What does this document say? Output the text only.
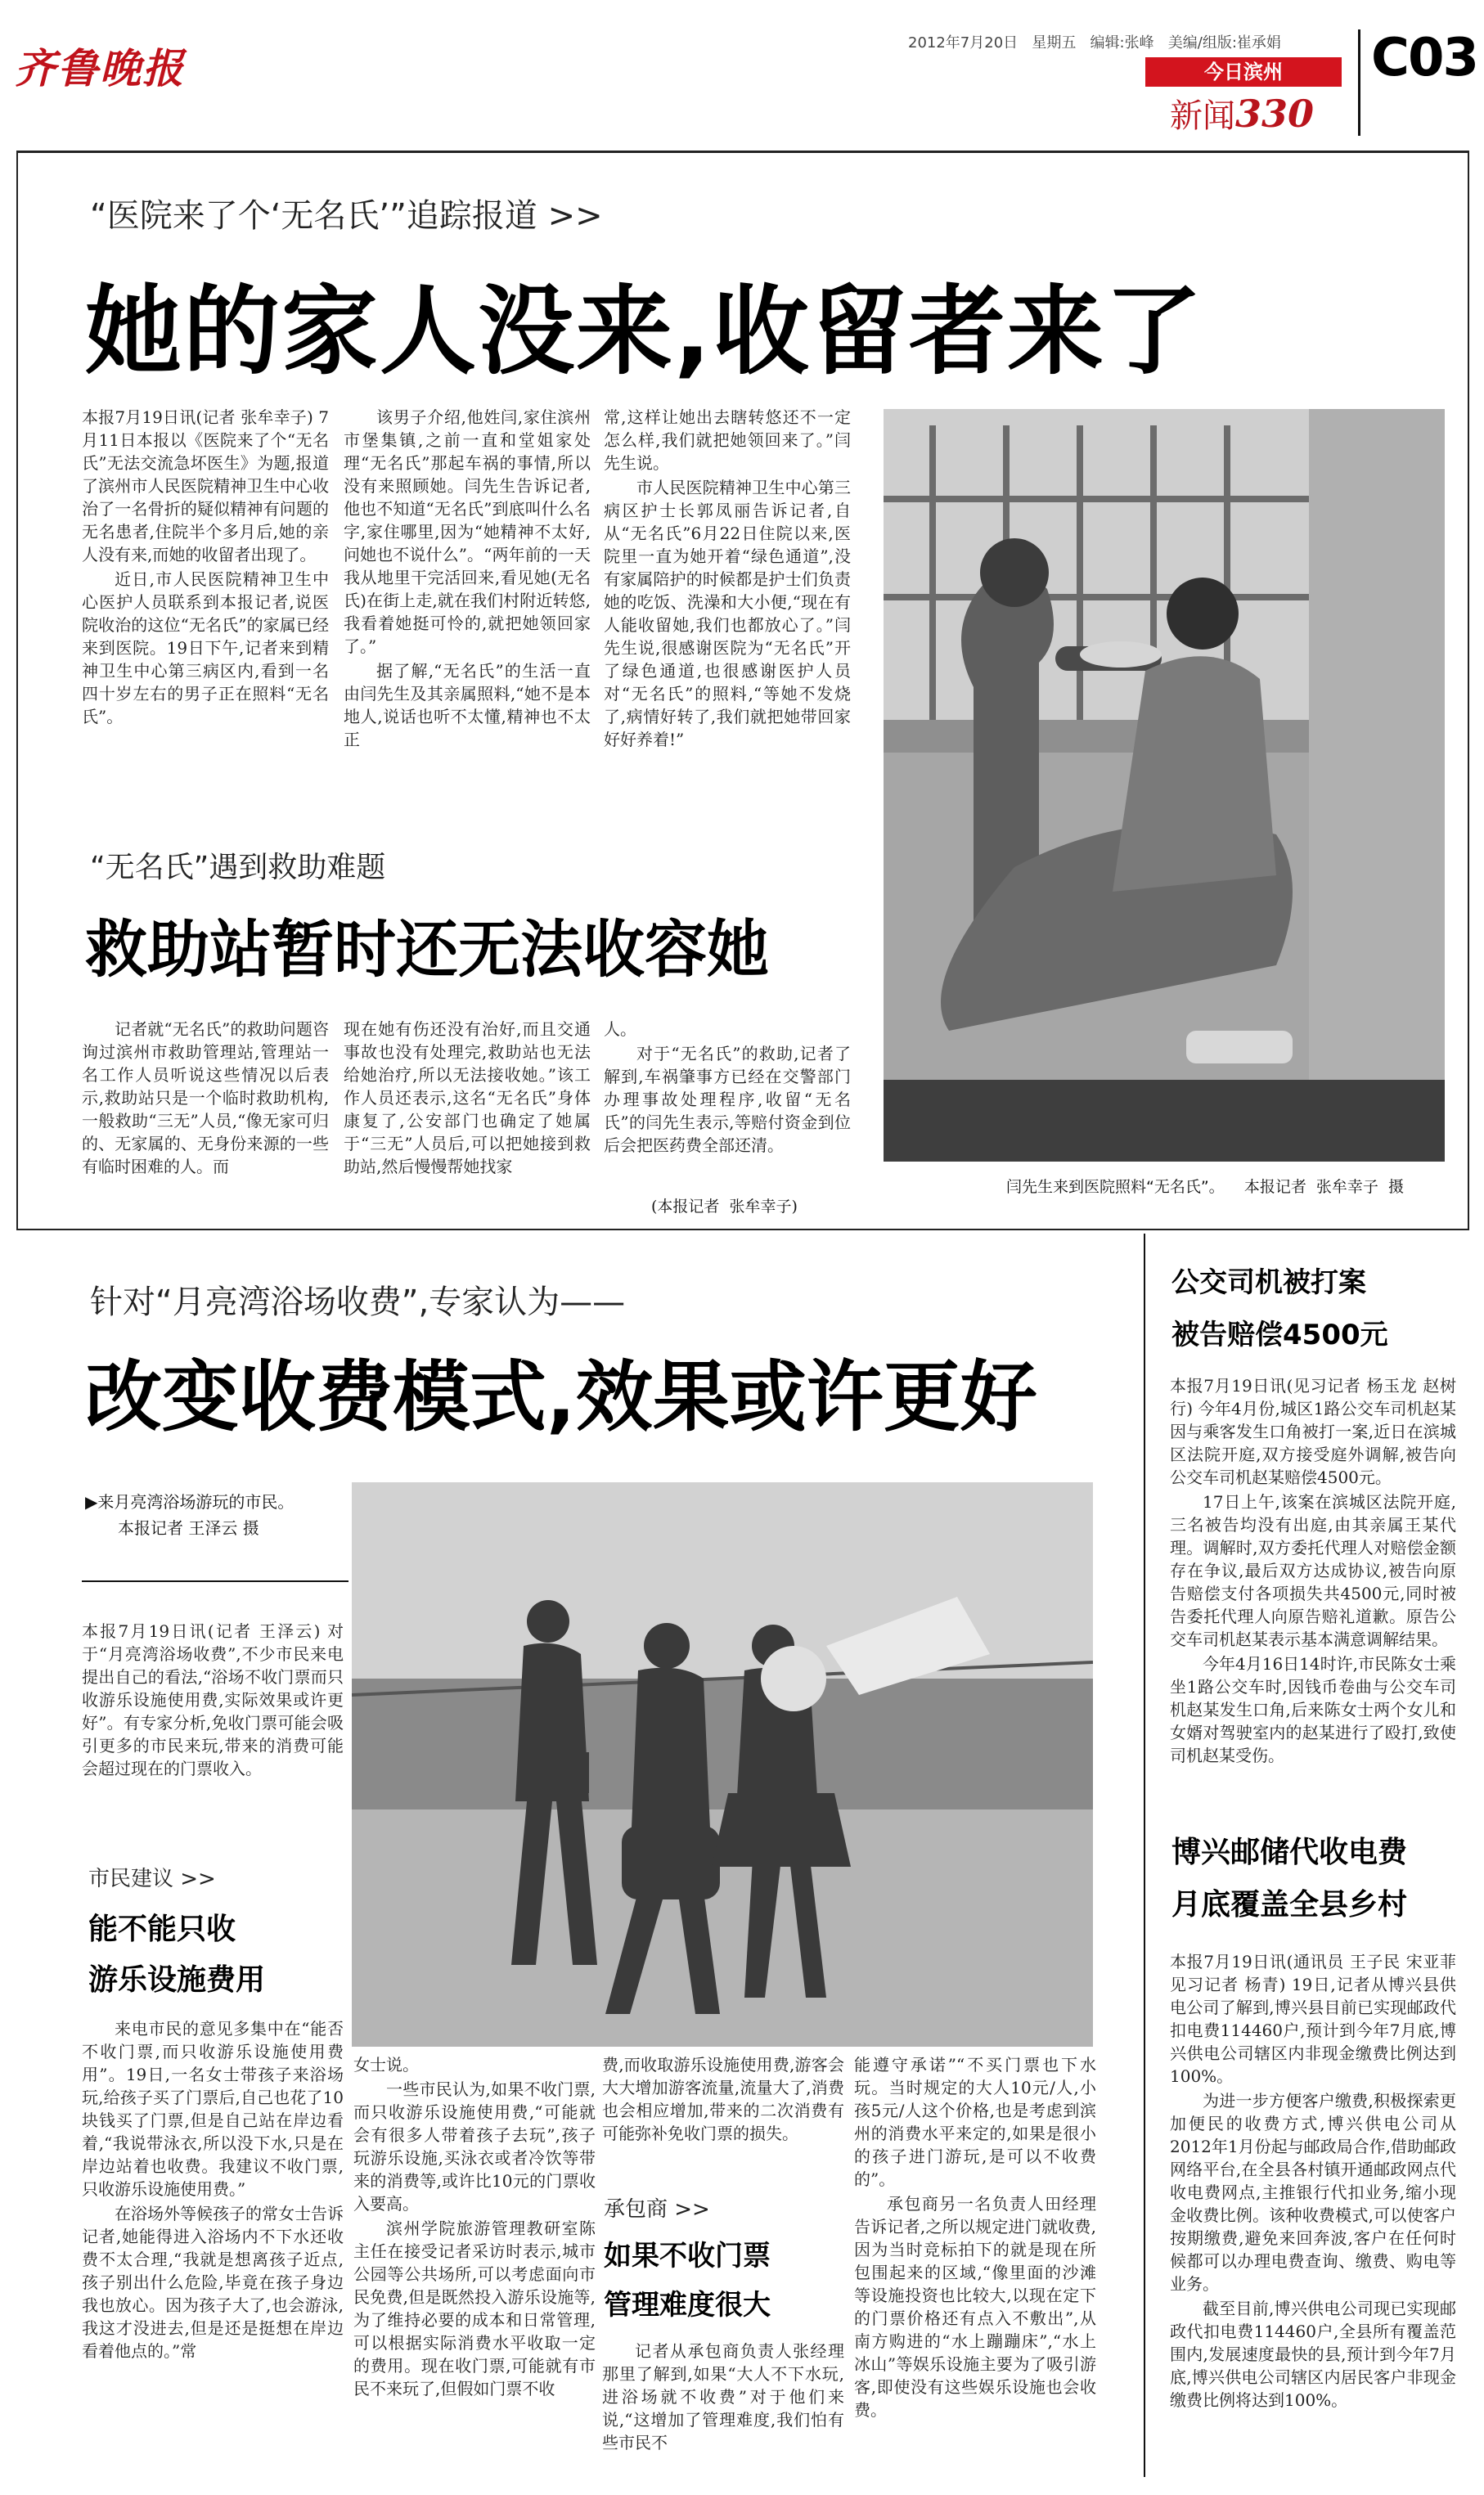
齐鲁晚报
2012年7月20日 星期五 编辑:张峰 美编/组版:崔承娟
今日滨州
新闻330
C03
“医院来了个‘无名氏’”追踪报道 >>
她的家人没来,收留者来了

本报7月19日讯(记者 张牟幸子) 7月11日本报以《医院来了个“无名氏”无法交流急坏医生》为题,报道了滨州市人民医院精神卫生中心收治了一名骨折的疑似精神有问题的无名患者,住院半个多月后,她的亲人没有来,而她的收留者出现了。

近日,市人民医院精神卫生中心医护人员联系到本报记者,说医院收治的这位“无名氏”的家属已经来到医院。19日下午,记者来到精神卫生中心第三病区内,看到一名四十岁左右的男子正在照料“无名氏”。

该男子介绍,他姓闫,家住滨州市堡集镇,之前一直和堂姐家处理“无名氏”那起车祸的事情,所以没有来照顾她。闫先生告诉记者,他也不知道“无名氏”到底叫什么名字,家住哪里,因为“她精神不太好,问她也不说什么”。“两年前的一天我从地里干完活回来,看见她(无名氏)在街上走,就在我们村附近转悠,我看着她挺可怜的,就把她领回家了。”

据了解,“无名氏”的生活一直由闫先生及其亲属照料,“她不是本地人,说话也听不太懂,精神也不太正

常,这样让她出去瞎转悠还不一定怎么样,我们就把她领回来了。”闫先生说。

市人民医院精神卫生中心第三病区护士长郭凤丽告诉记者,自从“无名氏”6月22日住院以来,医院里一直为她开着“绿色通道”,没有家属陪护的时候都是护士们负责她的吃饭、洗澡和大小便,“现在有人能收留她,我们也都放心了。”闫先生说,很感谢医院为“无名氏”开了绿色通道,也很感谢医护人员对“无名氏”的照料,“等她不发烧了,病情好转了,我们就把她带回家好好养着!”

闫先生来到医院照料“无名氏”。    本报记者  张牟幸子  摄
“无名氏”遇到救助难题
救助站暂时还无法收容她

记者就“无名氏”的救助问题咨询过滨州市救助管理站,管理站一名工作人员听说这些情况以后表示,救助站只是一个临时救助机构,一般救助“三无”人员,“像无家可归的、无家属的、无身份来源的一些有临时困难的人。而

现在她有伤还没有治好,而且交通事故也没有处理完,救助站也无法给她治疗,所以无法接收她。”该工作人员还表示,这名“无名氏”身体康复了,公安部门也确定了她属于“三无”人员后,可以把她接到救助站,然后慢慢帮她找家

人。

对于“无名氏”的救助,记者了解到,车祸肇事方已经在交警部门办理事故处理程序,收留“无名氏”的闫先生表示,等赔付资金到位后会把医药费全部还清。

(本报记者  张牟幸子)
针对“月亮湾浴场收费”,专家认为——
改变收费模式,效果或许更好
▶来月亮湾浴场游玩的市民。
本报记者 王泽云 摄

本报7月19日讯(记者 王泽云) 对于“月亮湾浴场收费”,不少市民来电提出自己的看法,“浴场不收门票而只收游乐设施使用费,实际效果或许更好”。有专家分析,免收门票可能会吸引更多的市民来玩,带来的消费可能会超过现在的门票收入。

市民建议 >>
能不能只收
游乐设施费用

来电市民的意见多集中在“能否不收门票,而只收游乐设施使用费用”。19日,一名女士带孩子来浴场玩,给孩子买了门票后,自己也花了10块钱买了门票,但是自己站在岸边看着,“我说带泳衣,所以没下水,只是在岸边站着也收费。我建议不收门票,只收游乐设施使用费。”

在浴场外等候孩子的常女士告诉记者,她能得进入浴场内不下水还收费不太合理,“我就是想离孩子近点,孩子别出什么危险,毕竟在孩子身边我也放心。因为孩子大了,也会游泳,我这才没进去,但是还是挺想在岸边看着他点的。”常

女士说。

一些市民认为,如果不收门票,而只收游乐设施使用费,“可能就会有很多人带着孩子去玩”,孩子玩游乐设施,买泳衣或者冷饮等带来的消费等,或许比10元的门票收入要高。

滨州学院旅游管理教研室陈主任在接受记者采访时表示,城市公园等公共场所,可以考虑面向市民免费,但是既然投入游乐设施等,为了维持必要的成本和日常管理,可以根据实际消费水平收取一定的费用。现在收门票,可能就有市民不来玩了,但假如门票不收

费,而收取游乐设施使用费,游客会大大增加游客流量,流量大了,消费也会相应增加,带来的二次消费有可能弥补免收门票的损失。

承包商 >>
如果不收门票
管理难度很大

记者从承包商负责人张经理那里了解到,如果“大人不下水玩,进浴场就不收费”对于他们来说,“这增加了管理难度,我们怕有些市民不

能遵守承诺”“不买门票也下水玩。当时规定的大人10元/人,小孩5元/人这个价格,也是考虑到滨州的消费水平来定的,如果是很小的孩子进门游玩,是可以不收费的”。

承包商另一名负责人田经理告诉记者,之所以规定进门就收费,因为当时竞标拍下的就是现在所包围起来的区域,“像里面的沙滩等设施投资也比较大,以现在定下的门票价格还有点入不敷出”,从南方购进的“水上蹦蹦床”,“水上冰山”等娱乐设施主要为了吸引游客,即使没有这些娱乐设施也会收费。

公交司机被打案
被告赔偿4500元

本报7月19日讯(见习记者 杨玉龙 赵树行) 今年4月份,城区1路公交车司机赵某因与乘客发生口角被打一案,近日在滨城区法院开庭,双方接受庭外调解,被告向公交车司机赵某赔偿4500元。

17日上午,该案在滨城区法院开庭,三名被告均没有出庭,由其亲属王某代理。调解时,双方委托代理人对赔偿金额存在争议,最后双方达成协议,被告向原告赔偿支付各项损失共4500元,同时被告委托代理人向原告赔礼道歉。原告公交车司机赵某表示基本满意调解结果。

今年4月16日14时许,市民陈女士乘坐1路公交车时,因钱币卷曲与公交车司机赵某发生口角,后来陈女士两个女儿和女婿对驾驶室内的赵某进行了殴打,致使司机赵某受伤。

博兴邮储代收电费
月底覆盖全县乡村

本报7月19日讯(通讯员 王子民 宋亚菲 见习记者 杨青) 19日,记者从博兴县供电公司了解到,博兴县目前已实现邮政代扣电费114460户,预计到今年7月底,博兴供电公司辖区内非现金缴费比例达到100%。

为进一步方便客户缴费,积极探索更加便民的收费方式,博兴供电公司从2012年1月份起与邮政局合作,借助邮政网络平台,在全县各村镇开通邮政网点代收电费网点,主推银行代扣业务,缩小现金收费比例。该种收费模式,可以使客户按期缴费,避免来回奔波,客户在任何时候都可以办理电费查询、缴费、购电等业务。

截至目前,博兴供电公司现已实现邮政代扣电费114460户,全县所有覆盖范围内,发展速度最快的县,预计到今年7月底,博兴供电公司辖区内居民客户非现金缴费比例将达到100%。
